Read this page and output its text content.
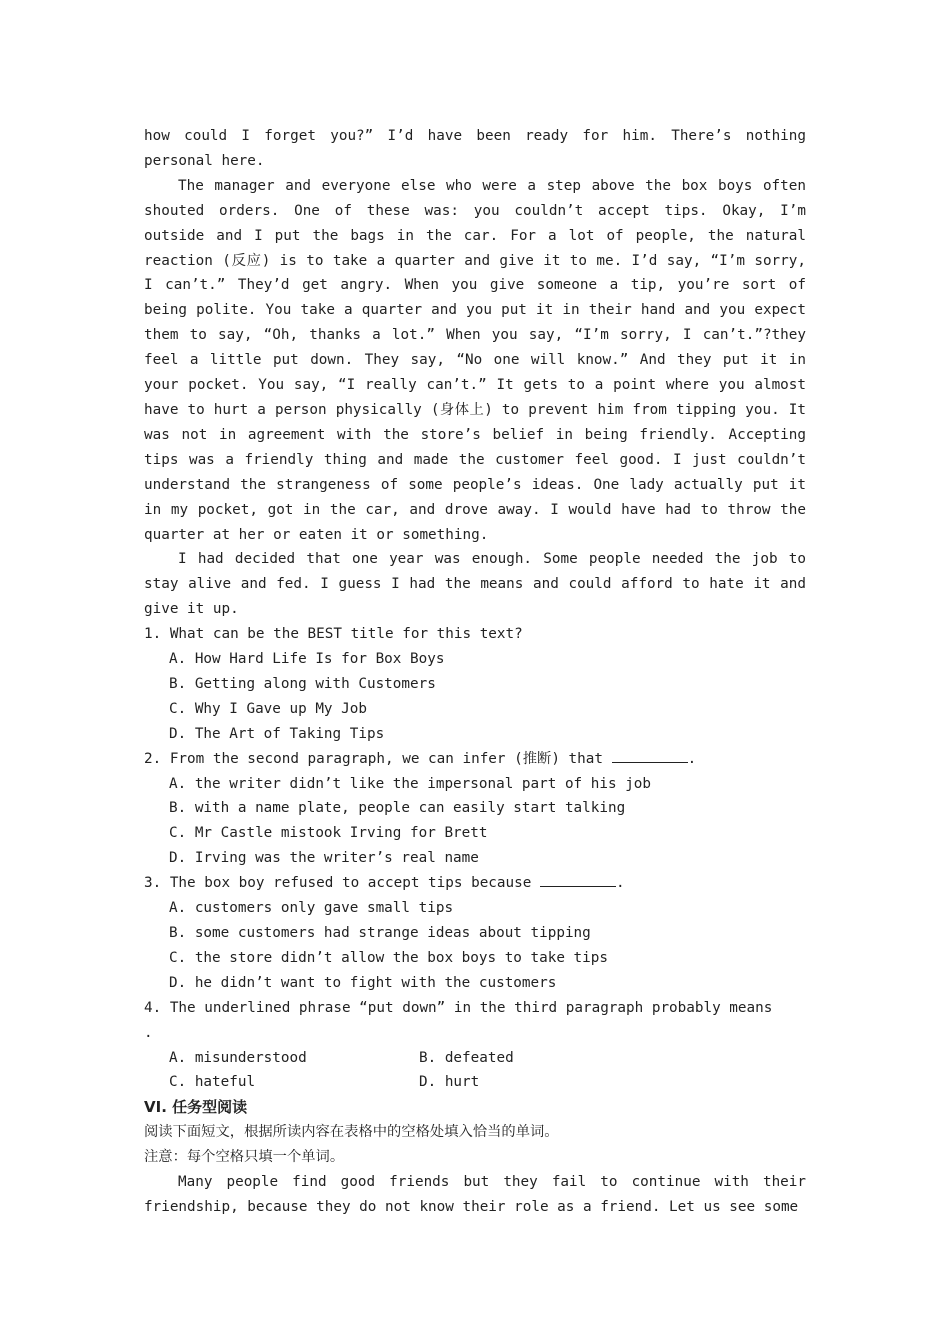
how could I forget you?” I’d have been ready for him. There’s nothing personal here.

The manager and everyone else who were a step above the box boys often shouted orders. One of these was: you couldn’t accept tips. Okay, I’m outside and I put the bags in the car. For a lot of people, the natural reaction (反应) is to take a quarter and give it to me. I’d say, “I’m sorry, I can’t.” They’d get angry. When you give someone a tip, you’re sort of being polite. You take a quarter and you put it in their hand and you expect them to say, “Oh, thanks a lot.” When you say, “I’m sorry, I can’t.”?they feel a little put down. They say, “No one will know.” And they put it in your pocket. You say, “I really can’t.” It gets to a point where you almost have to hurt a person physically (身体上) to prevent him from tipping you. It was not in agreement with the store’s belief in being friendly. Accepting tips was a friendly thing and made the customer feel good. I just couldn’t understand the strangeness of some people’s ideas. One lady actually put it in my pocket, got in the car, and drove away. I would have had to throw the quarter at her or eaten it or something.

I had decided that one year was enough. Some people needed the job to stay alive and fed. I guess I had the means and could afford to hate it and give it up.

1. What can be the BEST title for this text?

A. How Hard Life Is for Box Boys

B. Getting along with Customers

C. Why I Gave up My Job

D. The Art of Taking Tips

2. From the second paragraph, we can infer (推断) that	.

A. the writer didn’t like the impersonal part of his job

B. with a name plate, people can easily start talking

C. Mr Castle mistook Irving for Brett

D. Irving was the writer’s real name

3. The box boy refused to accept tips because	.

A. customers only gave small tips

B. some customers had strange ideas about tipping

C. the store didn’t allow the box boys to take tips

D. he didn’t want to fight with the customers

4. The underlined phrase “put down” in the third paragraph probably means

.

A. misunderstood	B. defeated
C. hateful	D. hurt

VI. 任务型阅读

阅读下面短文，根据所读内容在表格中的空格处填入恰当的单词。

注意：每个空格只填一个单词。

Many people find good friends but they fail to continue with their friendship, because they do not know their role as a friend. Let us see some
